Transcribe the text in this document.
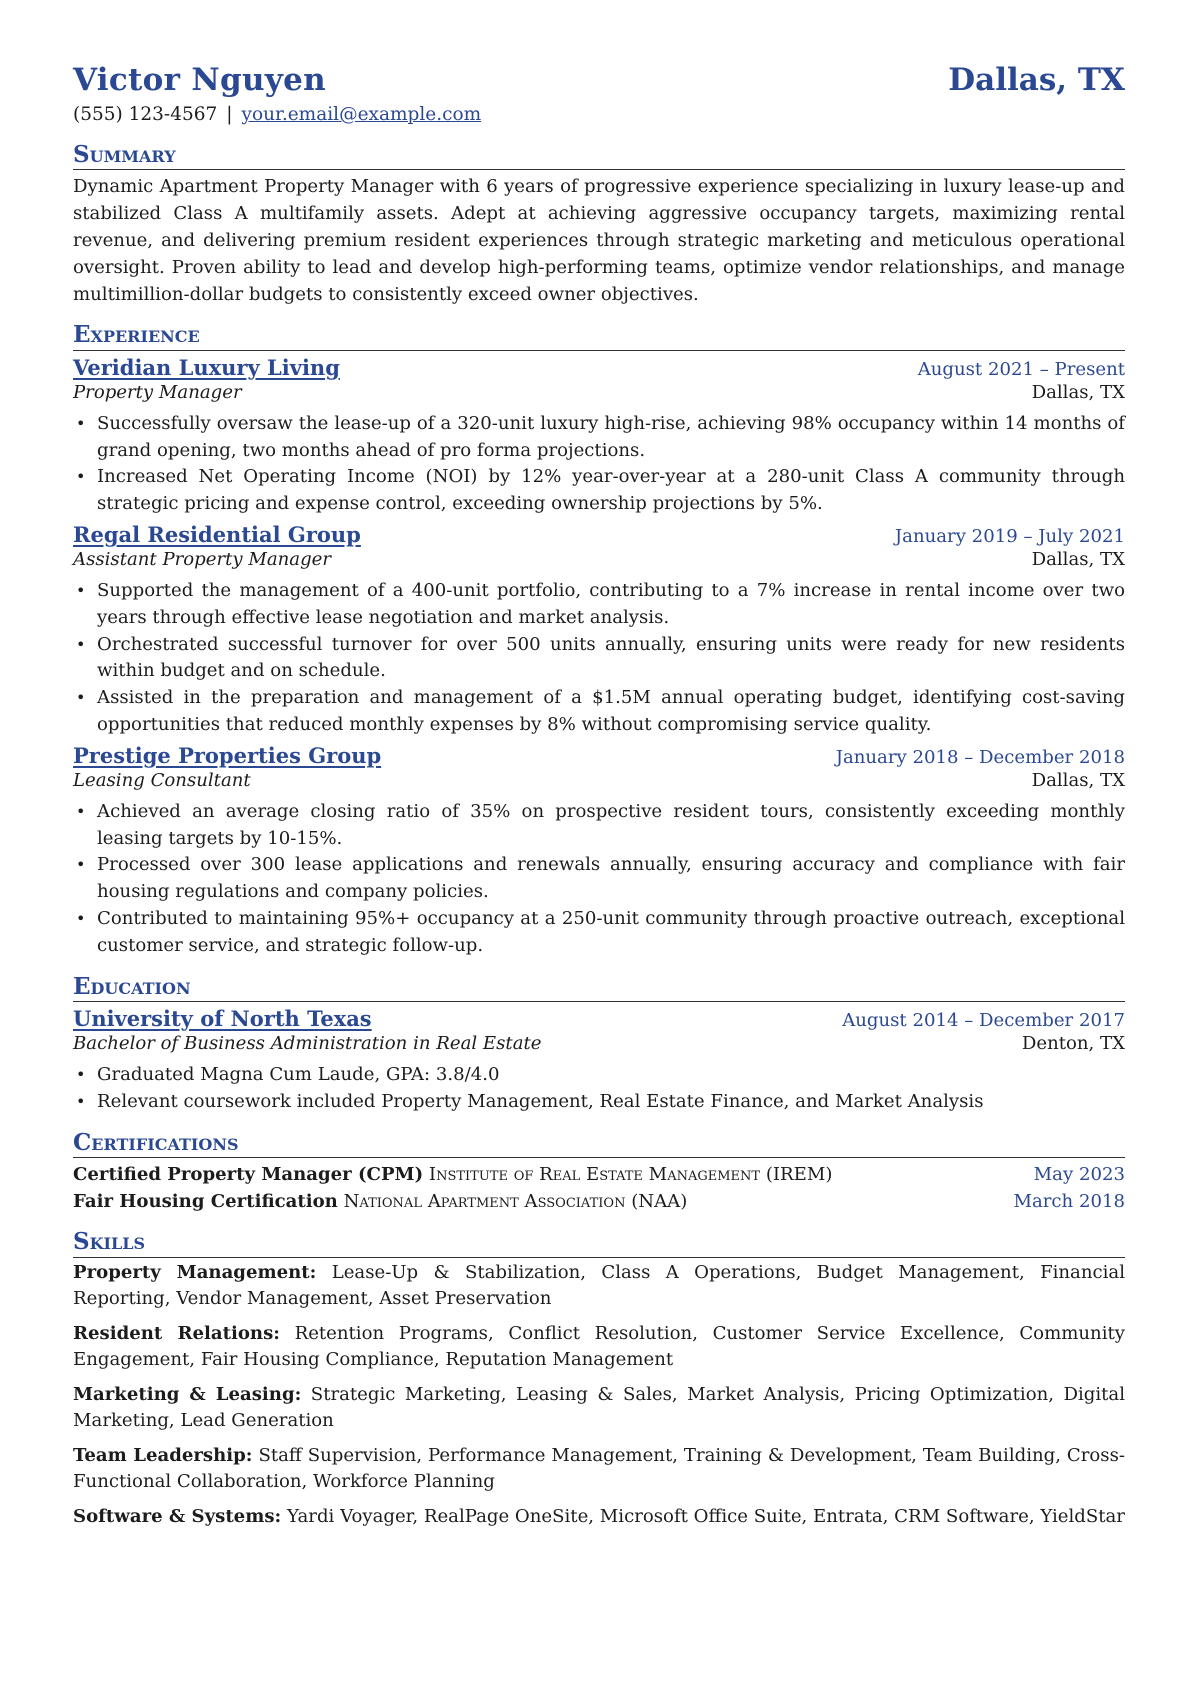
Victor Nguyen	Dallas, TX
(555) 123-4567 | your.email@example.com
Summary

Dynamic Apartment Property Manager with 6 years of progressive experience specializing in luxury lease-up and stabilized Class A multifamily assets. Adept at achieving aggressive occupancy targets, maximizing rental revenue, and delivering premium resident experiences through strategic marketing and meticulous operational oversight. Proven ability to lead and develop high-performing teams, optimize vendor relationships, and manage multimillion-dollar budgets to consistently exceed owner objectives.

Experience
Veridian Luxury Living	August 2021 – Present
Property Manager	Dallas, TX
• Successfully oversaw the lease-up of a 320-unit luxury high-rise, achieving 98% occupancy within 14 months of grand opening, two months ahead of pro forma projections.
• Increased Net Operating Income (NOI) by 12% year-over-year at a 280-unit Class A community through strategic pricing and expense control, exceeding ownership projections by 5%.
Regal Residential Group	January 2019 – July 2021
Assistant Property Manager	Dallas, TX
• Supported the management of a 400-unit portfolio, contributing to a 7% increase in rental income over two years through effective lease negotiation and market analysis.
• Orchestrated successful turnover for over 500 units annually, ensuring units were ready for new residents within budget and on schedule.
• Assisted in the preparation and management of a $1.5M annual operating budget, identifying cost-saving opportunities that reduced monthly expenses by 8% without compromising service quality.
Prestige Properties Group	January 2018 – December 2018
Leasing Consultant	Dallas, TX
• Achieved an average closing ratio of 35% on prospective resident tours, consistently exceeding monthly leasing targets by 10-15%.
• Processed over 300 lease applications and renewals annually, ensuring accuracy and compliance with fair housing regulations and company policies.
• Contributed to maintaining 95%+ occupancy at a 250-unit community through proactive outreach, exceptional customer service, and strategic follow-up.
Education
University of North Texas	August 2014 – December 2017
Bachelor of Business Administration in Real Estate	Denton, TX
• Graduated Magna Cum Laude, GPA: 3.8/4.0
• Relevant coursework included Property Management, Real Estate Finance, and Market Analysis
Certifications
Certified Property Manager (CPM) Institute of Real Estate Management (IREM)	May 2023
Fair Housing Certification National Apartment Association (NAA)	March 2018
Skills
Property Management: Lease-Up & Stabilization, Class A Operations, Budget Management, Financial Reporting, Vendor Management, Asset Preservation
Resident Relations: Retention Programs, Conflict Resolution, Customer Service Excellence, Community Engagement, Fair Housing Compliance, Reputation Management
Marketing & Leasing: Strategic Marketing, Leasing & Sales, Market Analysis, Pricing Optimization, Digital Marketing, Lead Generation
Team Leadership: Staff Supervision, Performance Management, Training & Development, Team Building, Cross-Functional Collaboration, Workforce Planning
Software & Systems: Yardi Voyager, RealPage OneSite, Microsoft Office Suite, Entrata, CRM Software, YieldStar
